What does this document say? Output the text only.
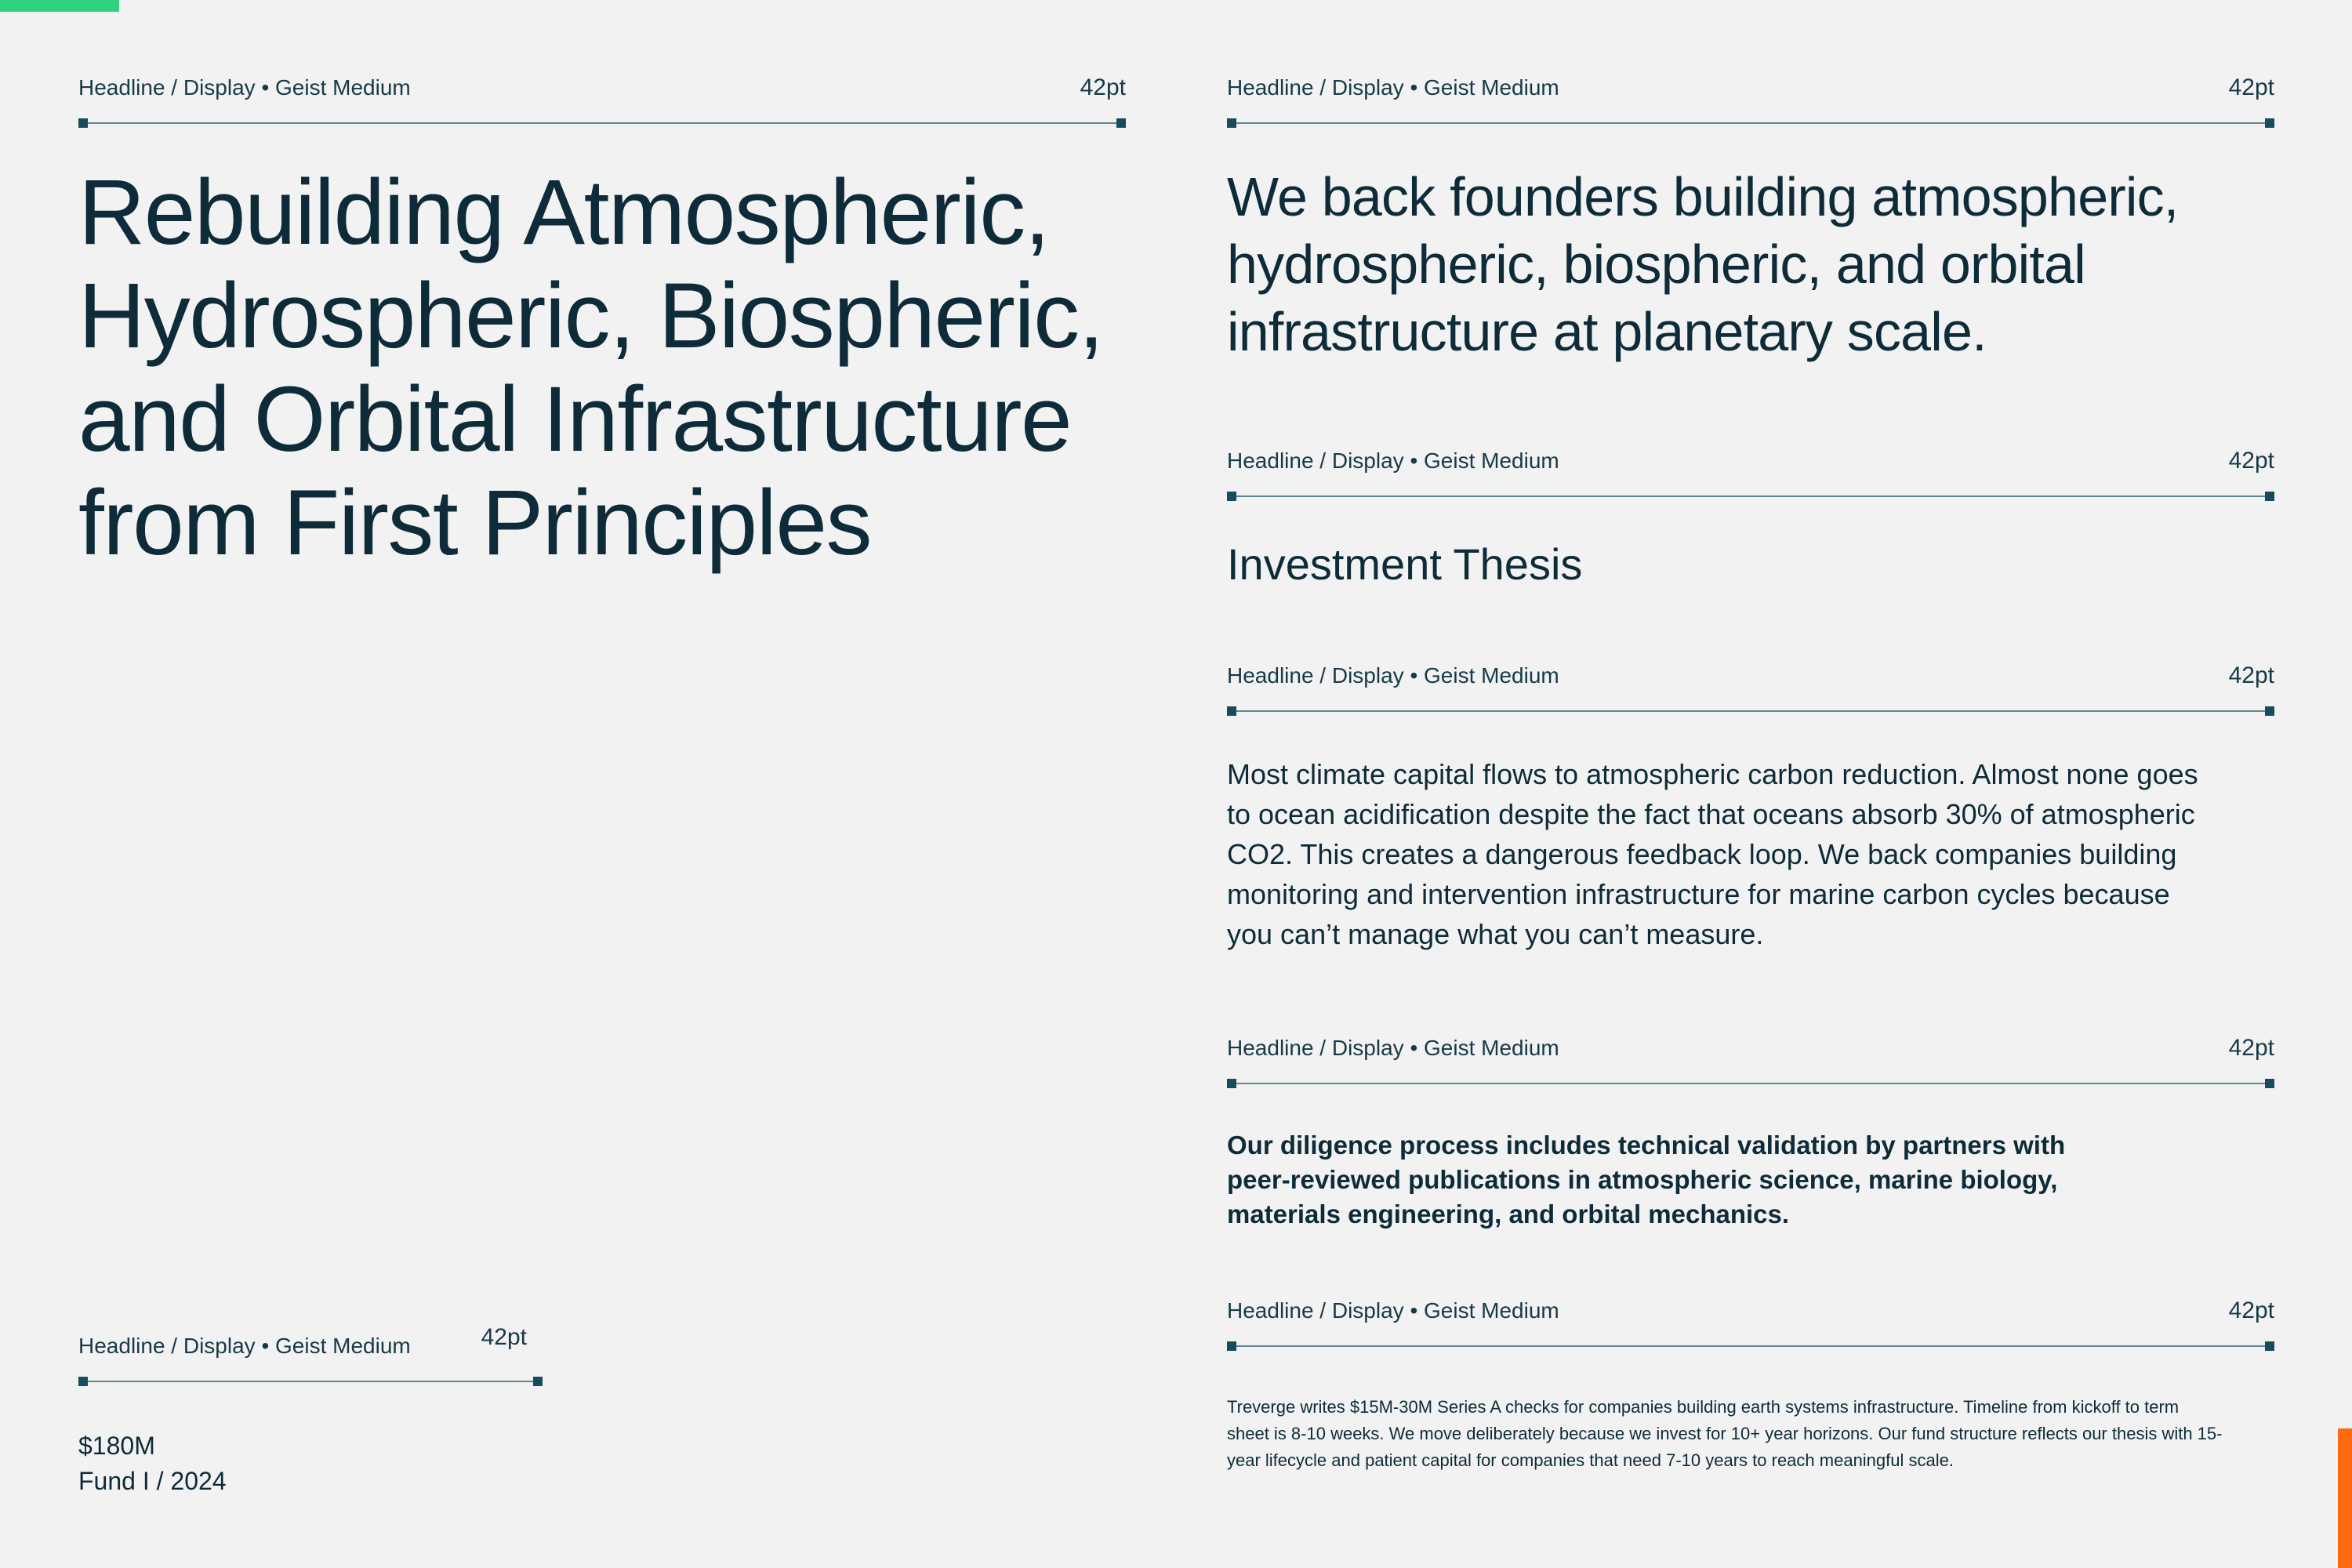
Headline / Display • Geist Medium	42pt
Rebuilding Atmospheric, Hydrospheric, Biospheric, and Orbital Infrastructure from First Principles
Headline / Display • Geist Medium	42pt
We back founders building atmospheric, hydrospheric, biospheric, and orbital infrastructure at planetary scale.
Headline / Display • Geist Medium	42pt
Investment Thesis
Headline / Display • Geist Medium	42pt
Most climate capital flows to atmospheric carbon reduction. Almost none goes to ocean acidification despite the fact that oceans absorb 30% of atmospheric CO2. This creates a dangerous feedback loop. We back companies building monitoring and intervention infrastructure for marine carbon cycles because you can’t manage what you can’t measure.
Headline / Display • Geist Medium	42pt
Our diligence process includes technical validation by partners with peer-reviewed publications in atmospheric science, marine biology, materials engineering, and orbital mechanics.
Headline / Display • Geist Medium	42pt
Treverge writes $15M-30M Series A checks for companies building earth systems infrastructure. Timeline from kickoff to term sheet is 8-10 weeks. We move deliberately because we invest for 10+ year horizons. Our fund structure reflects our thesis with 15-year lifecycle and patient capital for companies that need 7-10 years to reach meaningful scale.
Headline / Display • Geist Medium	42pt
$180M
Fund I / 2024
